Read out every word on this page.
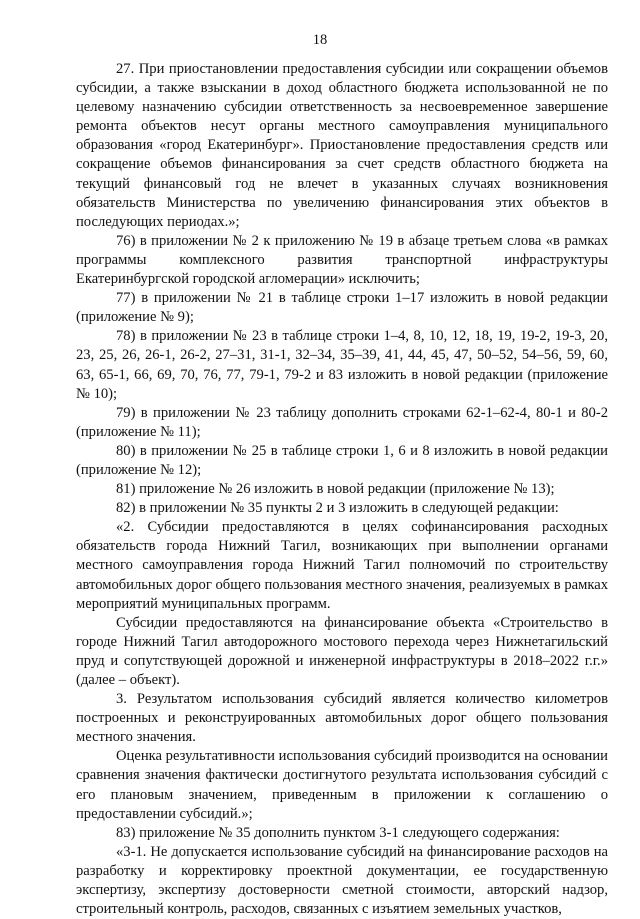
18

27. При приостановлении предоставления субсидии или сокращении объемов субсидии, а также взыскании в доход областного бюджета использованной не по целевому назначению субсидии ответственность за несвоевременное завершение ремонта объектов несут органы местного самоуправления муниципального образования «город Екатеринбург». Приостановление предоставления средств или сокращение объемов финансирования за счет средств областного бюджета на текущий финансовый год не влечет в указанных случаях возникновения обязательств Министерства по увеличению финансирования этих объектов в последующих периодах.»;

76) в приложении № 2 к приложению № 19 в абзаце третьем слова «в рамках программы комплексного развития транспортной инфраструктуры Екатеринбургской городской агломерации» исключить;

77) в приложении № 21 в таблице строки 1–17 изложить в новой редакции (приложение № 9);

78) в приложении № 23 в таблице строки 1–4, 8, 10, 12, 18, 19, 19-2, 19-3, 20, 23, 25, 26, 26-1, 26-2, 27–31, 31-1, 32–34, 35–39, 41, 44, 45, 47, 50–52, 54–56, 59, 60, 63, 65-1, 66, 69, 70, 76, 77, 79-1, 79-2 и 83 изложить в новой редакции (приложение № 10);

79) в приложении № 23 таблицу дополнить строками 62-1–62-4, 80-1 и 80-2 (приложение № 11);

80) в приложении № 25 в таблице строки 1, 6 и 8 изложить в новой редакции (приложение № 12);

81) приложение № 26 изложить в новой редакции (приложение № 13);

82) в приложении № 35 пункты 2 и 3 изложить в следующей редакции:

«2. Субсидии предоставляются в целях софинансирования расходных обязательств города Нижний Тагил, возникающих при выполнении органами местного самоуправления города Нижний Тагил полномочий по строительству автомобильных дорог общего пользования местного значения, реализуемых в рамках мероприятий муниципальных программ.

Субсидии предоставляются на финансирование объекта «Строительство в городе Нижний Тагил автодорожного мостового перехода через Нижнетагильский пруд и сопутствующей дорожной и инженерной инфраструктуры в 2018–2022 г.г.» (далее – объект).

3. Результатом использования субсидий является количество километров построенных и реконструированных автомобильных дорог общего пользования местного значения.

Оценка результативности использования субсидий производится на основании сравнения значения фактически достигнутого результата использования субсидий с его плановым значением, приведенным в приложении к соглашению о предоставлении субсидий.»;

83) приложение № 35 дополнить пунктом 3-1 следующего содержания:

«3-1. Не допускается использование субсидий на финансирование расходов на разработку и корректировку проектной документации, ее государственную экспертизу, экспертизу достоверности сметной стоимости, авторский надзор, строительный контроль, расходов, связанных с изъятием земельных участков,
